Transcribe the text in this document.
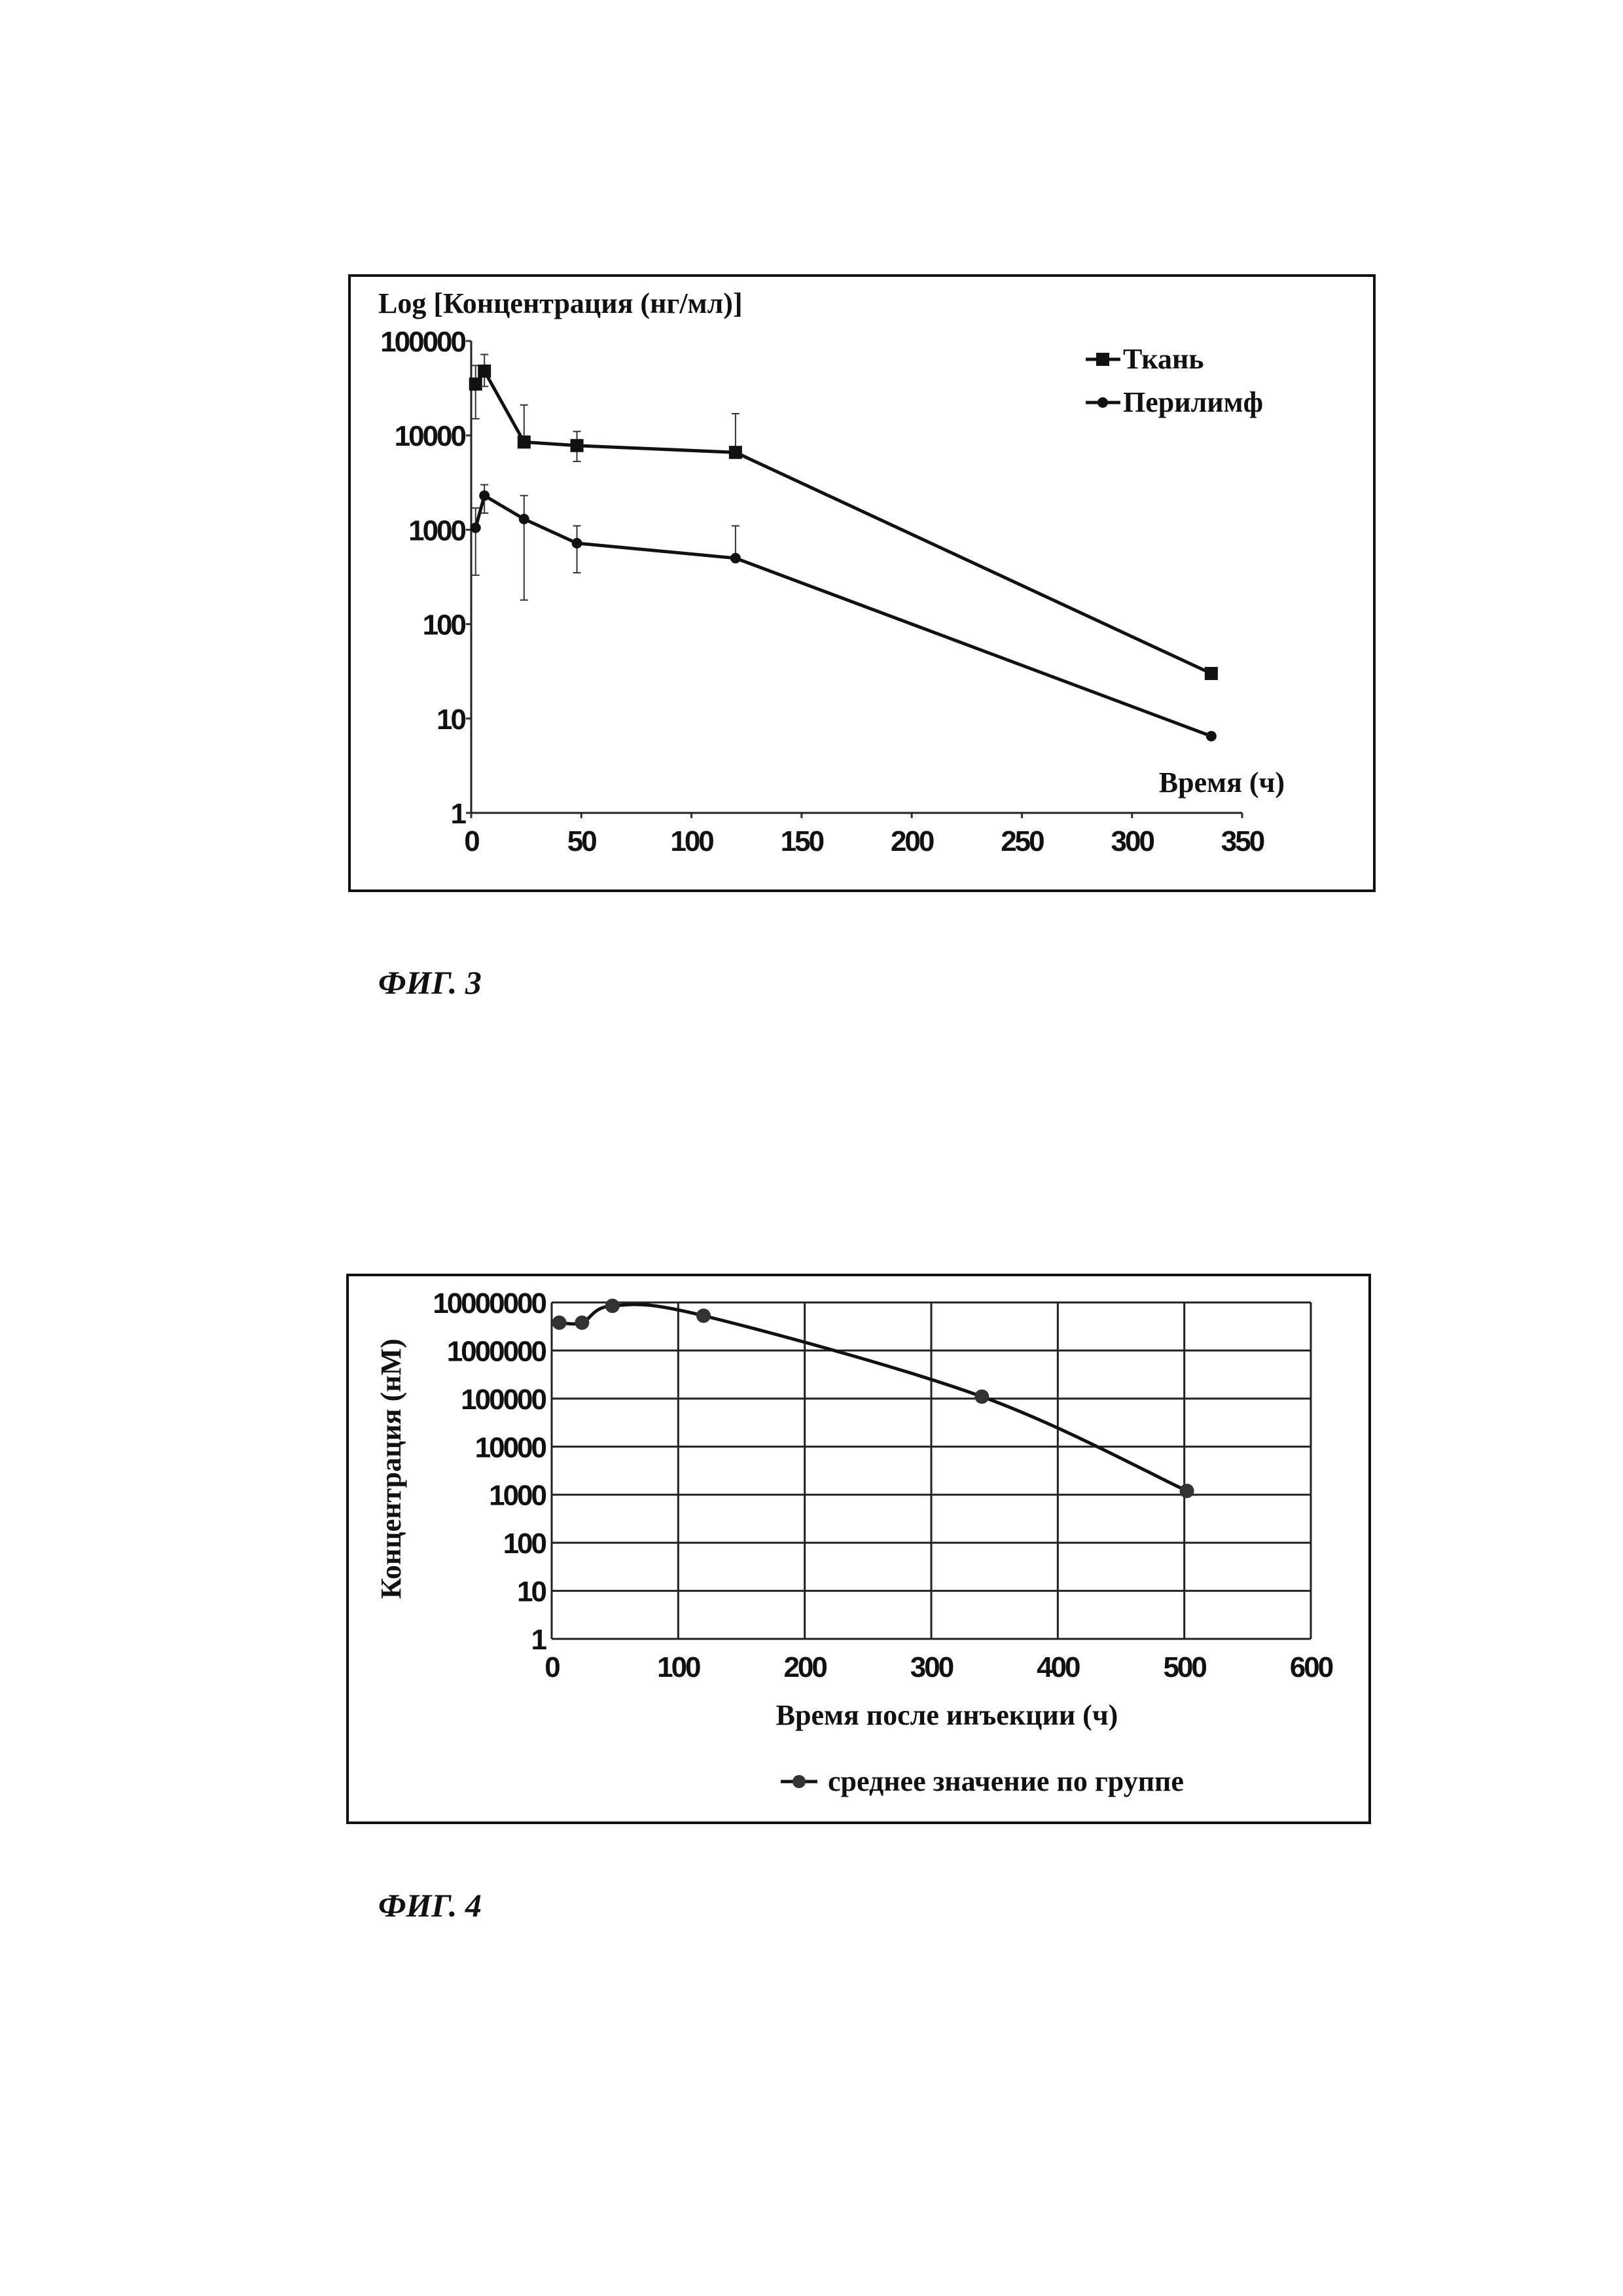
Log [Концентрация (нг/мл)]
Время (ч)
1
10
100
1000
10000
100000
0	50	100 150 200 250 300 350
Ткань
Перилимф
Концентрация (нМ)
Время после инъекции (ч)
1
10
100
1000
10000
100000
1000000
10000000
0	100	200	300	400	500	600
среднее значение по группе
ФИГ. 3
ФИГ. 4
